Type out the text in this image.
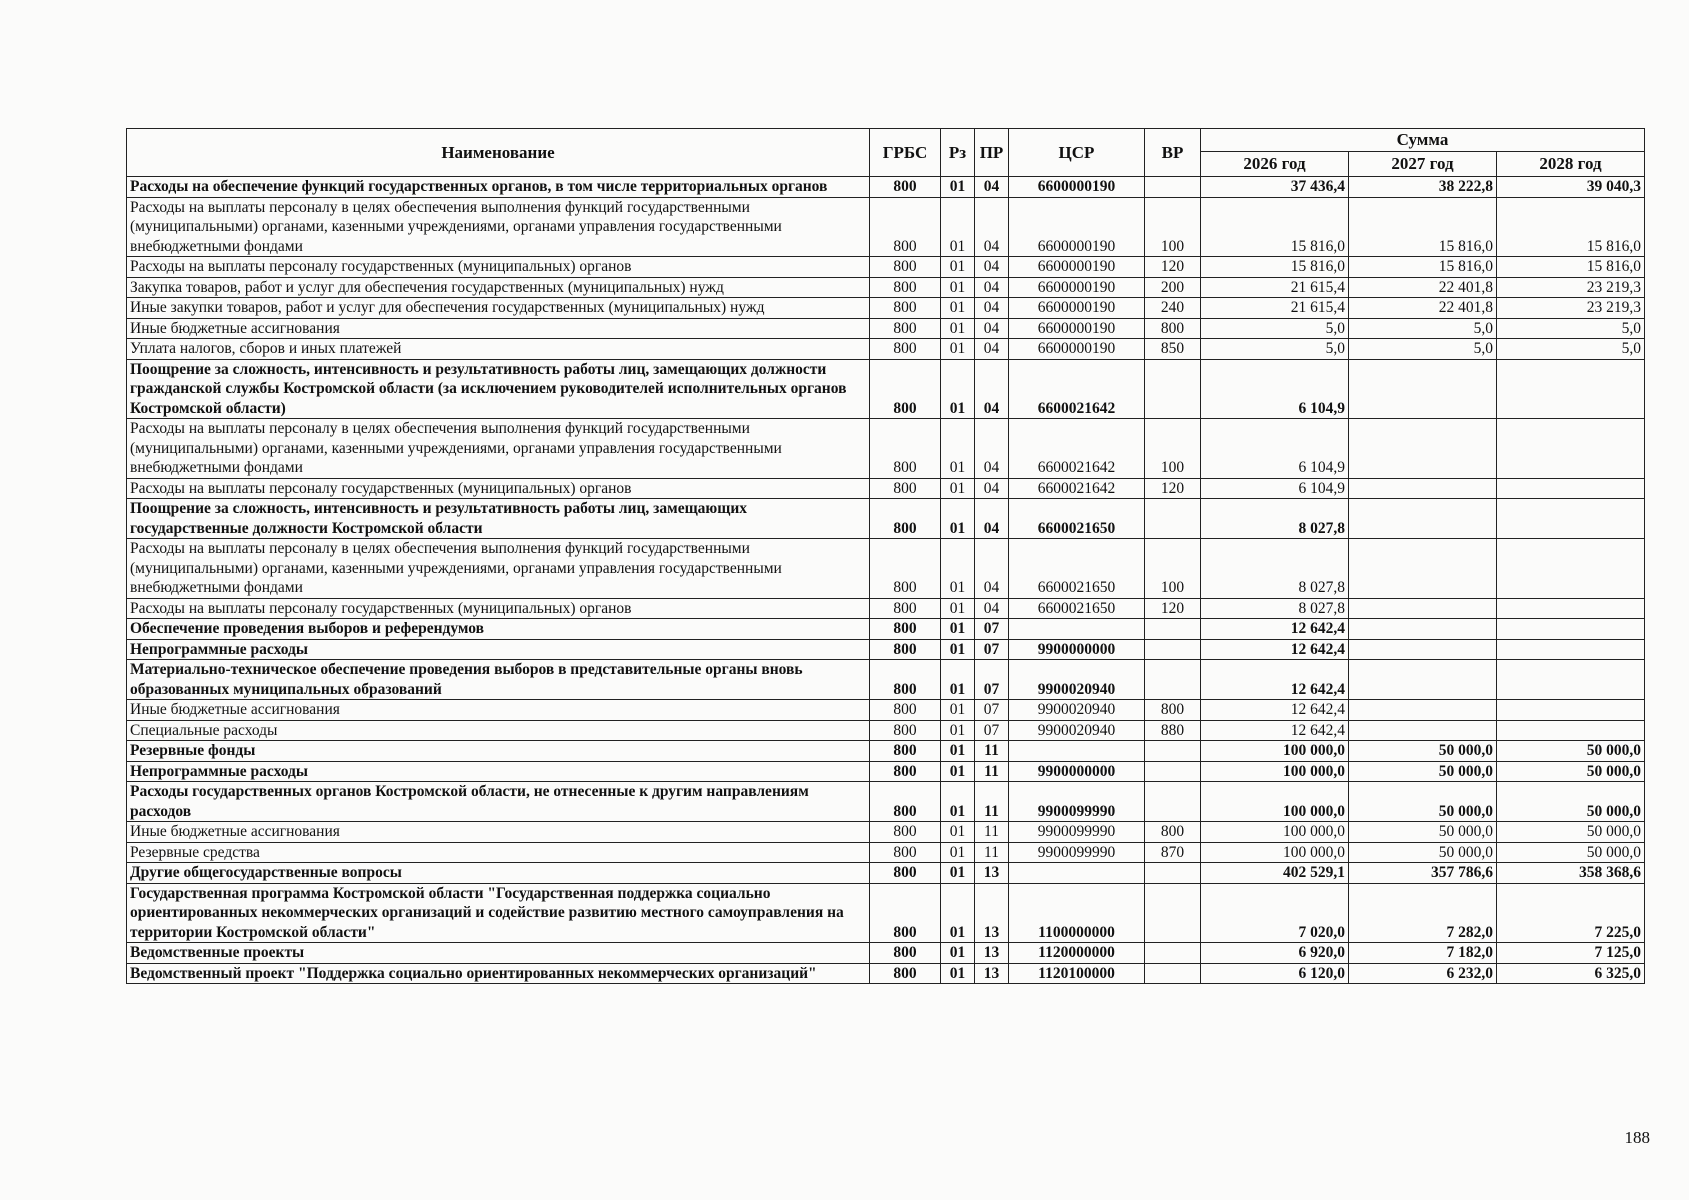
Наименование	ГРБС	Рз	ПР	ЦСР	ВР	Сумма		
						2026 год	2027 год	2028 год
Расходы на обеспечение функций государственных органов, в том числе территориальных органов	800	01	04	6600000190		37 436,4	38 222,8	39 040,3
Расходы на выплаты персоналу в целях обеспечения выполнения функций государственными (муниципальными) органами, казенными учреждениями, органами управления государственными внебюджетными фондами	800	01	04	6600000190	100	15 816,0	15 816,0	15 816,0
Расходы на выплаты персоналу государственных (муниципальных) органов	800	01	04	6600000190	120	15 816,0	15 816,0	15 816,0
Закупка товаров, работ и услуг для обеспечения государственных (муниципальных) нужд	800	01	04	6600000190	200	21 615,4	22 401,8	23 219,3
Иные закупки товаров, работ и услуг для обеспечения государственных (муниципальных) нужд	800	01	04	6600000190	240	21 615,4	22 401,8	23 219,3
Иные бюджетные ассигнования	800	01	04	6600000190	800	5,0	5,0	5,0
Уплата налогов, сборов и иных платежей	800	01	04	6600000190	850	5,0	5,0	5,0
Поощрение за сложность, интенсивность и результативность работы лиц, замещающих должности гражданской службы Костромской области (за исключением руководителей исполнительных органов Костромской области)	800	01	04	6600021642		6 104,9		
Расходы на выплаты персоналу в целях обеспечения выполнения функций государственными (муниципальными) органами, казенными учреждениями, органами управления государственными внебюджетными фондами	800	01	04	6600021642	100	6 104,9		
Расходы на выплаты персоналу государственных (муниципальных) органов	800	01	04	6600021642	120	6 104,9		
Поощрение за сложность, интенсивность и результативность работы лиц, замещающих государственные должности Костромской области	800	01	04	6600021650		8 027,8		
Расходы на выплаты персоналу в целях обеспечения выполнения функций государственными (муниципальными) органами, казенными учреждениями, органами управления государственными внебюджетными фондами	800	01	04	6600021650	100	8 027,8		
Расходы на выплаты персоналу государственных (муниципальных) органов	800	01	04	6600021650	120	8 027,8		
Обеспечение проведения выборов и референдумов	800	01	07			12 642,4		
Непрограммные расходы	800	01	07	9900000000		12 642,4		
Материально-техническое обеспечение проведения выборов в представительные органы вновь образованных муниципальных образований	800	01	07	9900020940		12 642,4		
Иные бюджетные ассигнования	800	01	07	9900020940	800	12 642,4		
Специальные расходы	800	01	07	9900020940	880	12 642,4		
Резервные фонды	800	01	11			100 000,0	50 000,0	50 000,0
Непрограммные расходы	800	01	11	9900000000		100 000,0	50 000,0	50 000,0
Расходы государственных органов Костромской области, не отнесенные к другим направлениям расходов	800	01	11	9900099990		100 000,0	50 000,0	50 000,0
Иные бюджетные ассигнования	800	01	11	9900099990	800	100 000,0	50 000,0	50 000,0
Резервные средства	800	01	11	9900099990	870	100 000,0	50 000,0	50 000,0
Другие общегосударственные вопросы	800	01	13			402 529,1	357 786,6	358 368,6
Государственная программа Костромской области "Государственная поддержка социально ориентированных некоммерческих организаций и содействие развитию местного самоуправления на территории Костромской области"	800	01	13	1100000000		7 020,0	7 282,0	7 225,0
Ведомственные проекты	800	01	13	1120000000		6 920,0	7 182,0	7 125,0
Ведомственный проект "Поддержка социально ориентированных некоммерческих организаций"	800	01	13	1120100000		6 120,0	6 232,0	6 325,0
188
